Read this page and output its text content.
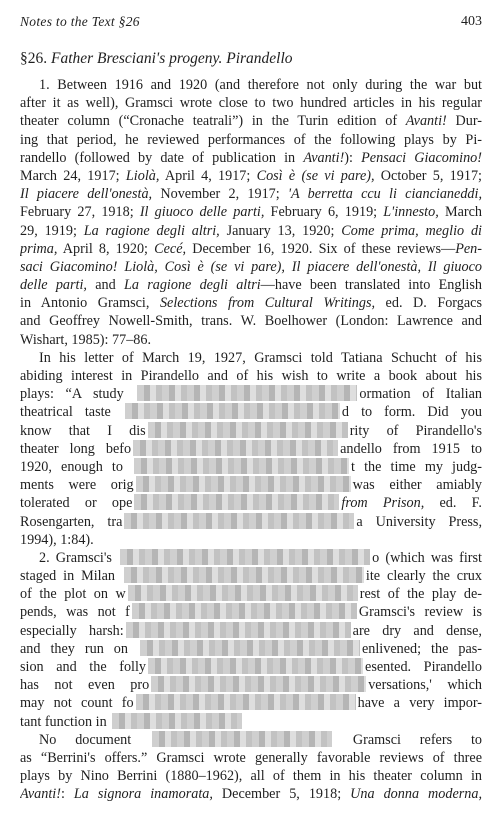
Notes to the Text §26	403
§26. Father Bresciani's progeny. Pirandello
1. Between 1916 and 1920 (and therefore not only during the war but
after it as well), Gramsci wrote close to two hundred articles in his regular
theater column (“Cronache teatrali”) in the Turin edition of Avanti! Dur-
ing that period, he reviewed performances of the following plays by Pi-
randello (followed by date of publication in Avanti!): Pensaci Giacomino!
March 24, 1917; Liolà, April 4, 1917; Così è (se vi pare), October 5, 1917;
Il piacere dell'onestà, November 2, 1917; 'A berretta ccu li ciancianeddi,
February 27, 1918; Il giuoco delle parti, February 6, 1919; L'innesto, March
29, 1919; La ragione degli altri, January 13, 1920; Come prima, meglio di
prima, April 8, 1920; Cecé, December 16, 1920. Six of these reviews—Pen-
saci Giacomino! Liolà, Così è (se vi pare), Il piacere dell'onestà, Il giuoco
delle parti, and La ragione degli altri—have been translated into English
in Antonio Gramsci, Selections from Cultural Writings, ed. D. Forgacs
and Geoffrey Nowell-Smith, trans. W. Boelhower (London: Lawrence and
Wishart, 1985): 77–86.
In his letter of March 19, 1927, Gramsci told Tatiana Schucht of his
abiding interest in Pirandello and of his wish to write a book about his
plays: “A study	ormation of Italian
theatrical taste	d to form. Did you
know that I dis	rity of Pirandello's
theater long befo	andello from 1915 to
1920, enough to	t the time my judg-
ments were orig	was either amiably
tolerated or ope	from Prison, ed. F.
Rosengarten, tra	a University Press,
1994), 1:84).
2. Gramsci's	o (which was first
staged in Milan	ite clearly the crux
of the plot on w	rest of the play de-
pends, was not f	Gramsci's review is
especially harsh:	are dry and dense,
and they run on	enlivened; the pas-
sion and the folly	esented. Pirandello
has not even pro	versations,' which
may not count fo	have a very impor-
tant function in
No document	Gramsci refers to
as “Berrini's offers.” Gramsci wrote generally favorable reviews of three
plays by Nino Berrini (1880–1962), all of them in his theater column in
Avanti!: La signora inamorata, December 5, 1918; Una donna moderna,
